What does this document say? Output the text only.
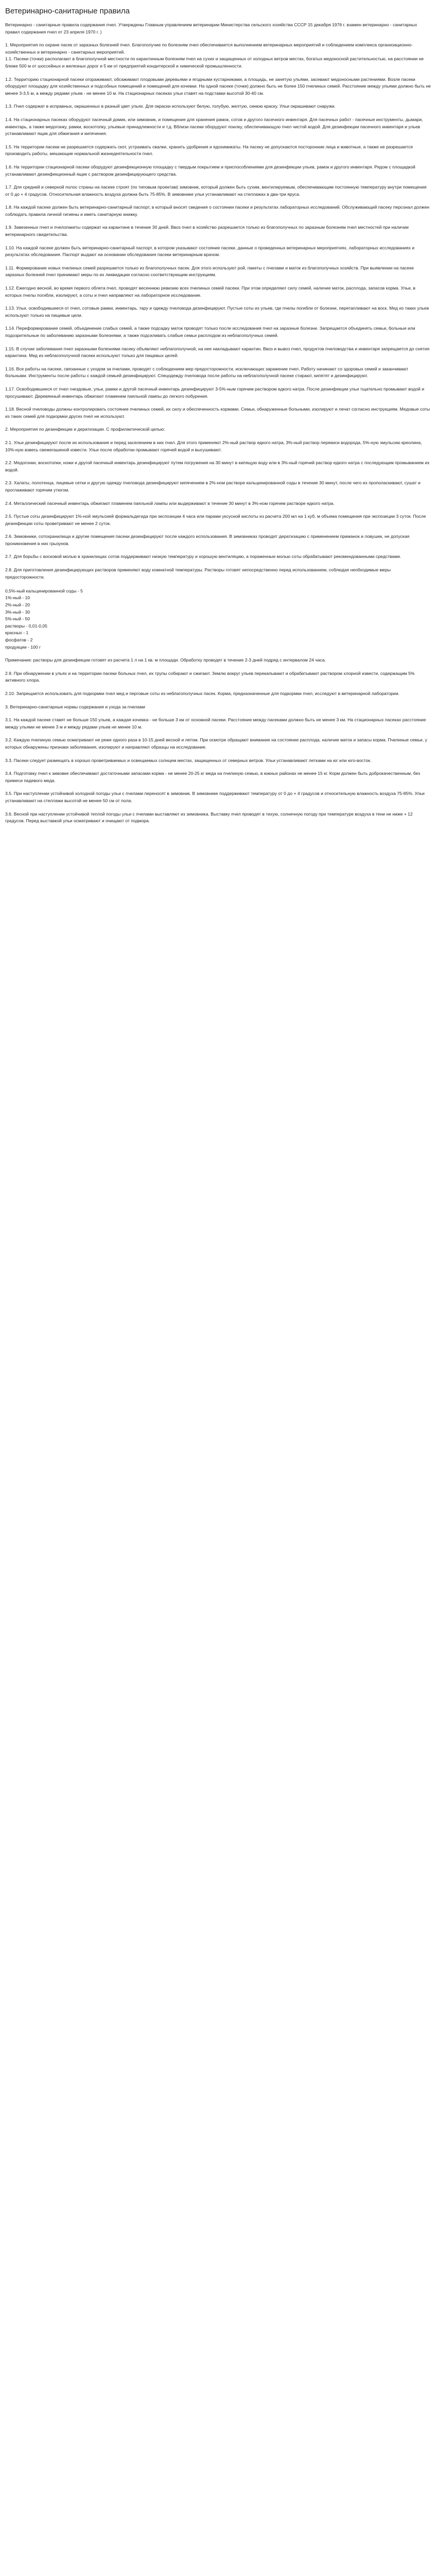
Ветеринарно-санитарные правила

Ветеринарно - санитарные правила содержания пчел. Утверждены Главным управлением ветеринарии Министерства сельского хозяйства СССР 15 декабря 1976 г. взамен ветеринарно - санитарных правил содержания пчел от 23 апреля 1970 г. )

1. Мероприятия по охране пасек от заразных болезней пчел. Благополучие по болезням пчел обеспечивается выполнением ветеринарных мероприятий и соблюдением комплекса организационно-хозяйственных и ветеринарно - санитарных мероприятий.
1.1. Пасеки (точки) располагают в благополучной местности по карантинным болезням пчел на сухих и защищенных от холодных ветров местах, богатых медоносной растительностью, на расстоянии не ближе 500 м от шоссейных и железных дорог и 5 км от предприятий кондитерской и химической промышленности.

1.2. Территорию стационарной пасеки огораживают, обсаживают плодовыми деревьями и ягодными кустарниками, а площадь, не занятую ульями, засевают медоносными растениями. Возле пасеки оборудуют площадку для хозяйственных и подсобных помещений и помещений для кочевки. На одной пасеке (точке) должно быть не более 150 пчелиных семей. Расстояние между ульями должно быть не менее 3-3,5 м, а между рядами ульев - не менее 10 м. На стационарных пасеках ульи ставят на подставки высотой 30-40 см.

1.3. Пчел содержат в исправных, окрашенных в разный цвет ульях. Для окраски используют белую, голубую, желтую, синюю краску. Ульи окрашивают снаружи.

1.4. На стационарных пасеках оборудуют пасечный домик, или зимовник, и помещение для хранения рамок, сотов и другого пасечного инвентаря. Для пасечных работ - пасечные инструменты, дымари, инвентарь, а также медогонку, рамки, воскотопку, ульевые принадлежности и т.д. Вблизи пасеки оборудуют поилку, обеспечивающую пчел чистой водой. Для дезинфекции пасечного инвентаря и ульев устанавливают ящик для обжигания и кипячения.

1.5. На территории пасеки не разрешается содержать скот, устраивать свалки, хранить удобрения и ядохимикаты. На пасеку не допускаются посторонние лица и животные, а также не разрешается производить работы, мешающие нормальной жизнедеятельности пчел.

1.6. На территории стационарной пасеки оборудуют дезинфекционную площадку с твердым покрытием и приспособлениями для дезинфекции ульев, рамок и другого инвентаря. Рядом с площадкой устанавливают дезинфекционный ящик с раствором дезинфицирующего средства.

1.7. Для средней и северной полос страны на пасеке строят (по типовым проектам) зимовник, который должен быть сухим, вентилируемым, обеспечивающим постоянную температуру внутри помещения от 0 до + 4 градусов. Относительная влажность воздуха должна быть 75-85%. В зимовнике ульи устанавливают на стеллажах в два-три яруса.

1.8. На каждой пасеке должен быть ветеринарно-санитарный паспорт, в который вносят сведения о состоянии пасеки и результатах лабораторных исследований. Обслуживающий пасеку персонал должен соблюдать правила личной гигиены и иметь санитарную книжку.

1.9. Завезенных пчел и пчелопакеты содержат на карантине в течение 30 дней. Ввоз пчел в хозяйство разрешается только из благополучных по заразным болезням пчел местностей при наличии ветеринарного свидетельства.

1.10. На каждой пасеке должен быть ветеринарно-санитарный паспорт, в котором указывают состояние пасеки, данные о проведенных ветеринарных мероприятиях, лабораторных исследованиях и результатах обследования. Паспорт выдают на основании обследования пасеки ветеринарным врачом.

1.11. Формирование новых пчелиных семей разрешается только из благополучных пасек. Для этого используют рой, пакеты с пчелами и маток из благополучных хозяйств. При выявлении на пасеке заразных болезней пчел принимают меры по их ликвидации согласно соответствующим инструкциям.

1.12. Ежегодно весной, во время первого облета пчел, проводят весеннюю ревизию всех пчелиных семей пасеки. При этом определяют силу семей, наличие маток, расплода, запасов корма. Ульи, в которых пчелы погибли, изолируют, а соты и пчел направляют на лабораторное исследование.

1.13. Ульи, освободившиеся от пчел, сотовые рамки, инвентарь, тару и одежду пчеловода дезинфицируют. Пустые соты из ульев, где пчелы погибли от болезни, перетапливают на воск. Мед из таких ульев используют только на пищевые цели.

1.14. Переформирование семей, объединение слабых семей, а также подсадку маток проводят только после исследования пчел на заразные болезни. Запрещается объединять семьи, больные или подозрительные по заболеванию заразными болезнями, а также подсиливать слабые семьи расплодом из неблагополучных семей.

1.15. В случае заболевания пчел заразными болезнями пасеку объявляют неблагополучной, на нее накладывают карантин. Ввоз и вывоз пчел, продуктов пчеловодства и инвентаря запрещается до снятия карантина. Мед из неблагополучной пасеки используют только для пищевых целей.

1.16. Все работы на пасеке, связанные с уходом за пчелами, проводят с соблюдением мер предосторожности, исключающих заражение пчел. Работу начинают со здоровых семей и заканчивают больными. Инструменты после работы с каждой семьей дезинфицируют. Спецодежду пчеловода после работы на неблагополучной пасеке стирают, кипятят и дезинфицируют.

1.17. Освободившиеся от пчел гнездовые, ульи, рамки и другой пасечный инвентарь дезинфицируют 3-5%-ным горячим раствором едкого натра. После дезинфекции ульи тщательно промывают водой и просушивают. Деревянный инвентарь обжигают пламенем паяльной лампы до легкого побурения.

1.18. Весной пчеловоды должны контролировать состояние пчелиных семей, их силу и обеспеченность кормами. Семьи, обнаруженные больными, изолируют и лечат согласно инструкциям. Медовые соты из таких семей для подкормки других пчел не используют.

2. Мероприятия по дезинфекции и дератизации. С профилактической целью:

2.1. Ульи дезинфицируют после их использования и перед заселением в них пчел. Для этого применяют 2%-ный раствор едкого натра, 3%-ный раствор перекиси водорода, 5%-ную эмульсию креолина, 10%-ную взвесь свежегашеной извести. Ульи после обработки промывают горячей водой и высушивают.

2.2. Медогонки, воскотопки, ножи и другой пасечный инвентарь дезинфицируют путем погружения на 30 минут в кипящую воду или в 3%-ный горячий раствор едкого натра с последующим промыванием их водой.

2.3. Халаты, полотенца, лицевые сетки и другую одежду пчеловода дезинфицируют кипячением в 2%-ном растворе кальцинированной соды в течение 30 минут, после чего их прополаскивают, сушат и проглаживают горячим утюгом.

2.4. Металлический пасечный инвентарь обжигают пламенем паяльной лампы или выдерживают в течение 30 минут в 3%-ном горячем растворе едкого натра.

2.5. Пустые соты дезинфицируют 1%-ной эмульсией формальдегида при экспозиции 4 часа или парами уксусной кислоты из расчета 200 мл на 1 куб. м объема помещения при экспозиции 3 суток. После дезинфекции соты проветривают не менее 2 суток.

2.6. Зимовники, сотохранилища и другие помещения пасеки дезинфицируют после каждого использования. В зимовниках проводят дератизацию с применением приманок и ловушек, не допуская проникновения в них грызунов.

2.7. Для борьбы с восковой молью в хранилищах сотов поддерживают низкую температуру и хорошую вентиляцию, а пораженные молью соты обрабатывают рекомендованными средствами.

2.8. Для приготовления дезинфицирующих растворов применяют воду комнатной температуры. Растворы готовят непосредственно перед использованием, соблюдая необходимые меры предосторожности.

0,5%-ный кальцинированной соды - 5
1%-ный - 10
2%-ный - 20
3%-ный - 30
5%-ный - 50
растворы - 0,01-0,05
красных - 1
фосфатов - 2
продукции - 100 г

Примечание: растворы для дезинфекции готовят из расчета 1 л на 1 кв. м площади. Обработку проводят в течение 2-3 дней подряд с интервалом 24 часа.

2.9. При обнаружении в ульях и на территории пасеки больных пчел, их трупы собирают и сжигают. Землю вокруг ульев перекапывают и обрабатывают раствором хлорной извести, содержащим 5% активного хлора.

2.10. Запрещается использовать для подкормки пчел мед и перговые соты из неблагополучных пасек. Корма, предназначенные для подкормки пчел, исследуют в ветеринарной лаборатории.

3. Ветеринарно-санитарные нормы содержания и ухода за пчелами

3.1. На каждой пасеке ставят не больше 150 ульев, а каждая кочевка - не больше 3 км от основной пасеки. Расстояние между пасеками должно быть не менее 3 км. На стационарных пасеках расстояние между ульями не менее 3 м и между рядами ульев не менее 10 м.

3.2. Каждую пчелиную семью осматривают не реже одного раза в 10-15 дней весной и летом. При осмотре обращают внимание на состояние расплода, наличие маток и запасы корма. Пчелиные семьи, у которых обнаружены признаки заболевания, изолируют и направляют образцы на исследование.

3.3. Пасеки следует размещать в хорошо проветриваемых и освещаемых солнцем местах, защищенных от северных ветров. Ульи устанавливают летками на юг или юго-восток.

3.4. Подготовку пчел к зимовке обеспечивают достаточными запасами корма - не менее 20-25 кг меда на пчелиную семью, в южных районах не менее 15 кг. Корм должен быть доброкачественным, без примеси падевого меда.

3.5. При наступлении устойчивой холодной погоды ульи с пчелами переносят в зимовник. В зимовнике поддерживают температуру от 0 до + 4 градусов и относительную влажность воздуха 75-85%. Ульи устанавливают на стеллажи высотой не менее 50 см от пола.

3.6. Весной при наступлении устойчивой теплой погоды ульи с пчелами выставляют из зимовника. Выставку пчел проводят в тихую, солнечную погоду при температуре воздуха в тени не ниже + 12 градусов. Перед выставкой ульи осматривают и очищают от подмора.
